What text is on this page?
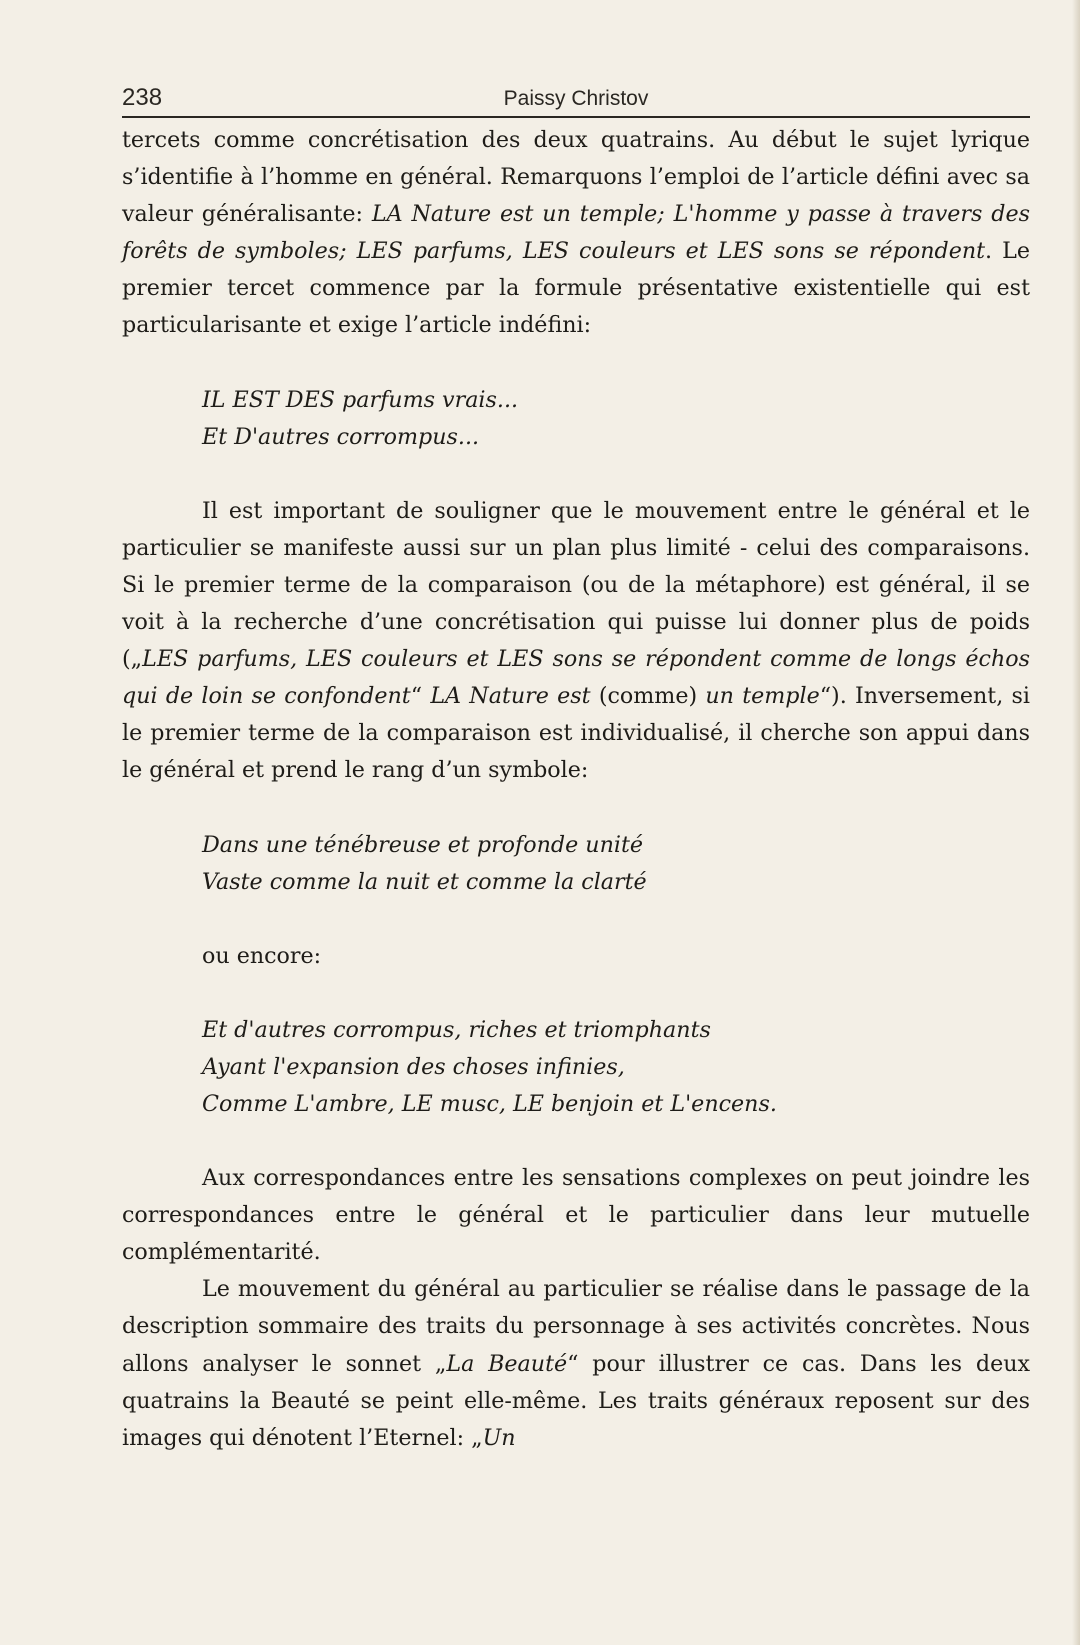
238	Paissy Christov

tercets comme concrétisation des deux quatrains. Au début le sujet lyrique s’identifie à l’homme en général. Remarquons l’emploi de l’article défini avec sa valeur généralisante: LA Nature est un temple; L'homme y passe à travers des forêts de symboles; LES parfums, LES couleurs et LES sons se répondent. Le premier tercet commence par la formule présentative existentielle qui est particularisante et exige l’article indéfini:

IL EST DES parfums vrais...
Et D'autres corrompus...

Il est important de souligner que le mouvement entre le général et le particulier se manifeste aussi sur un plan plus limité - celui des comparaisons. Si le premier terme de la comparaison (ou de la métaphore) est général, il se voit à la recherche d’une concrétisation qui puisse lui donner plus de poids („LES parfums, LES couleurs et LES sons se répondent comme de longs échos qui de loin se confondent“ LA Nature est (comme) un temple“). Inversement, si le premier terme de la comparaison est individualisé, il cherche son appui dans le général et prend le rang d’un symbole:

Dans une ténébreuse et profonde unité
Vaste comme la nuit et comme la clarté
ou encore:
Et d'autres corrompus, riches et triomphants
Ayant l'expansion des choses infinies,
Comme L'ambre, LE musc, LE benjoin et L'encens.

Aux correspondances entre les sensations complexes on peut joindre les correspondances entre le général et le particulier dans leur mutuelle complémentarité.

Le mouvement du général au particulier se réalise dans le passage de la description sommaire des traits du personnage à ses activités concrètes. Nous allons analyser le sonnet „La Beauté“ pour illustrer ce cas. Dans les deux quatrains la Beauté se peint elle-même. Les traits généraux reposent sur des images qui dénotent l’Eternel: „Un
